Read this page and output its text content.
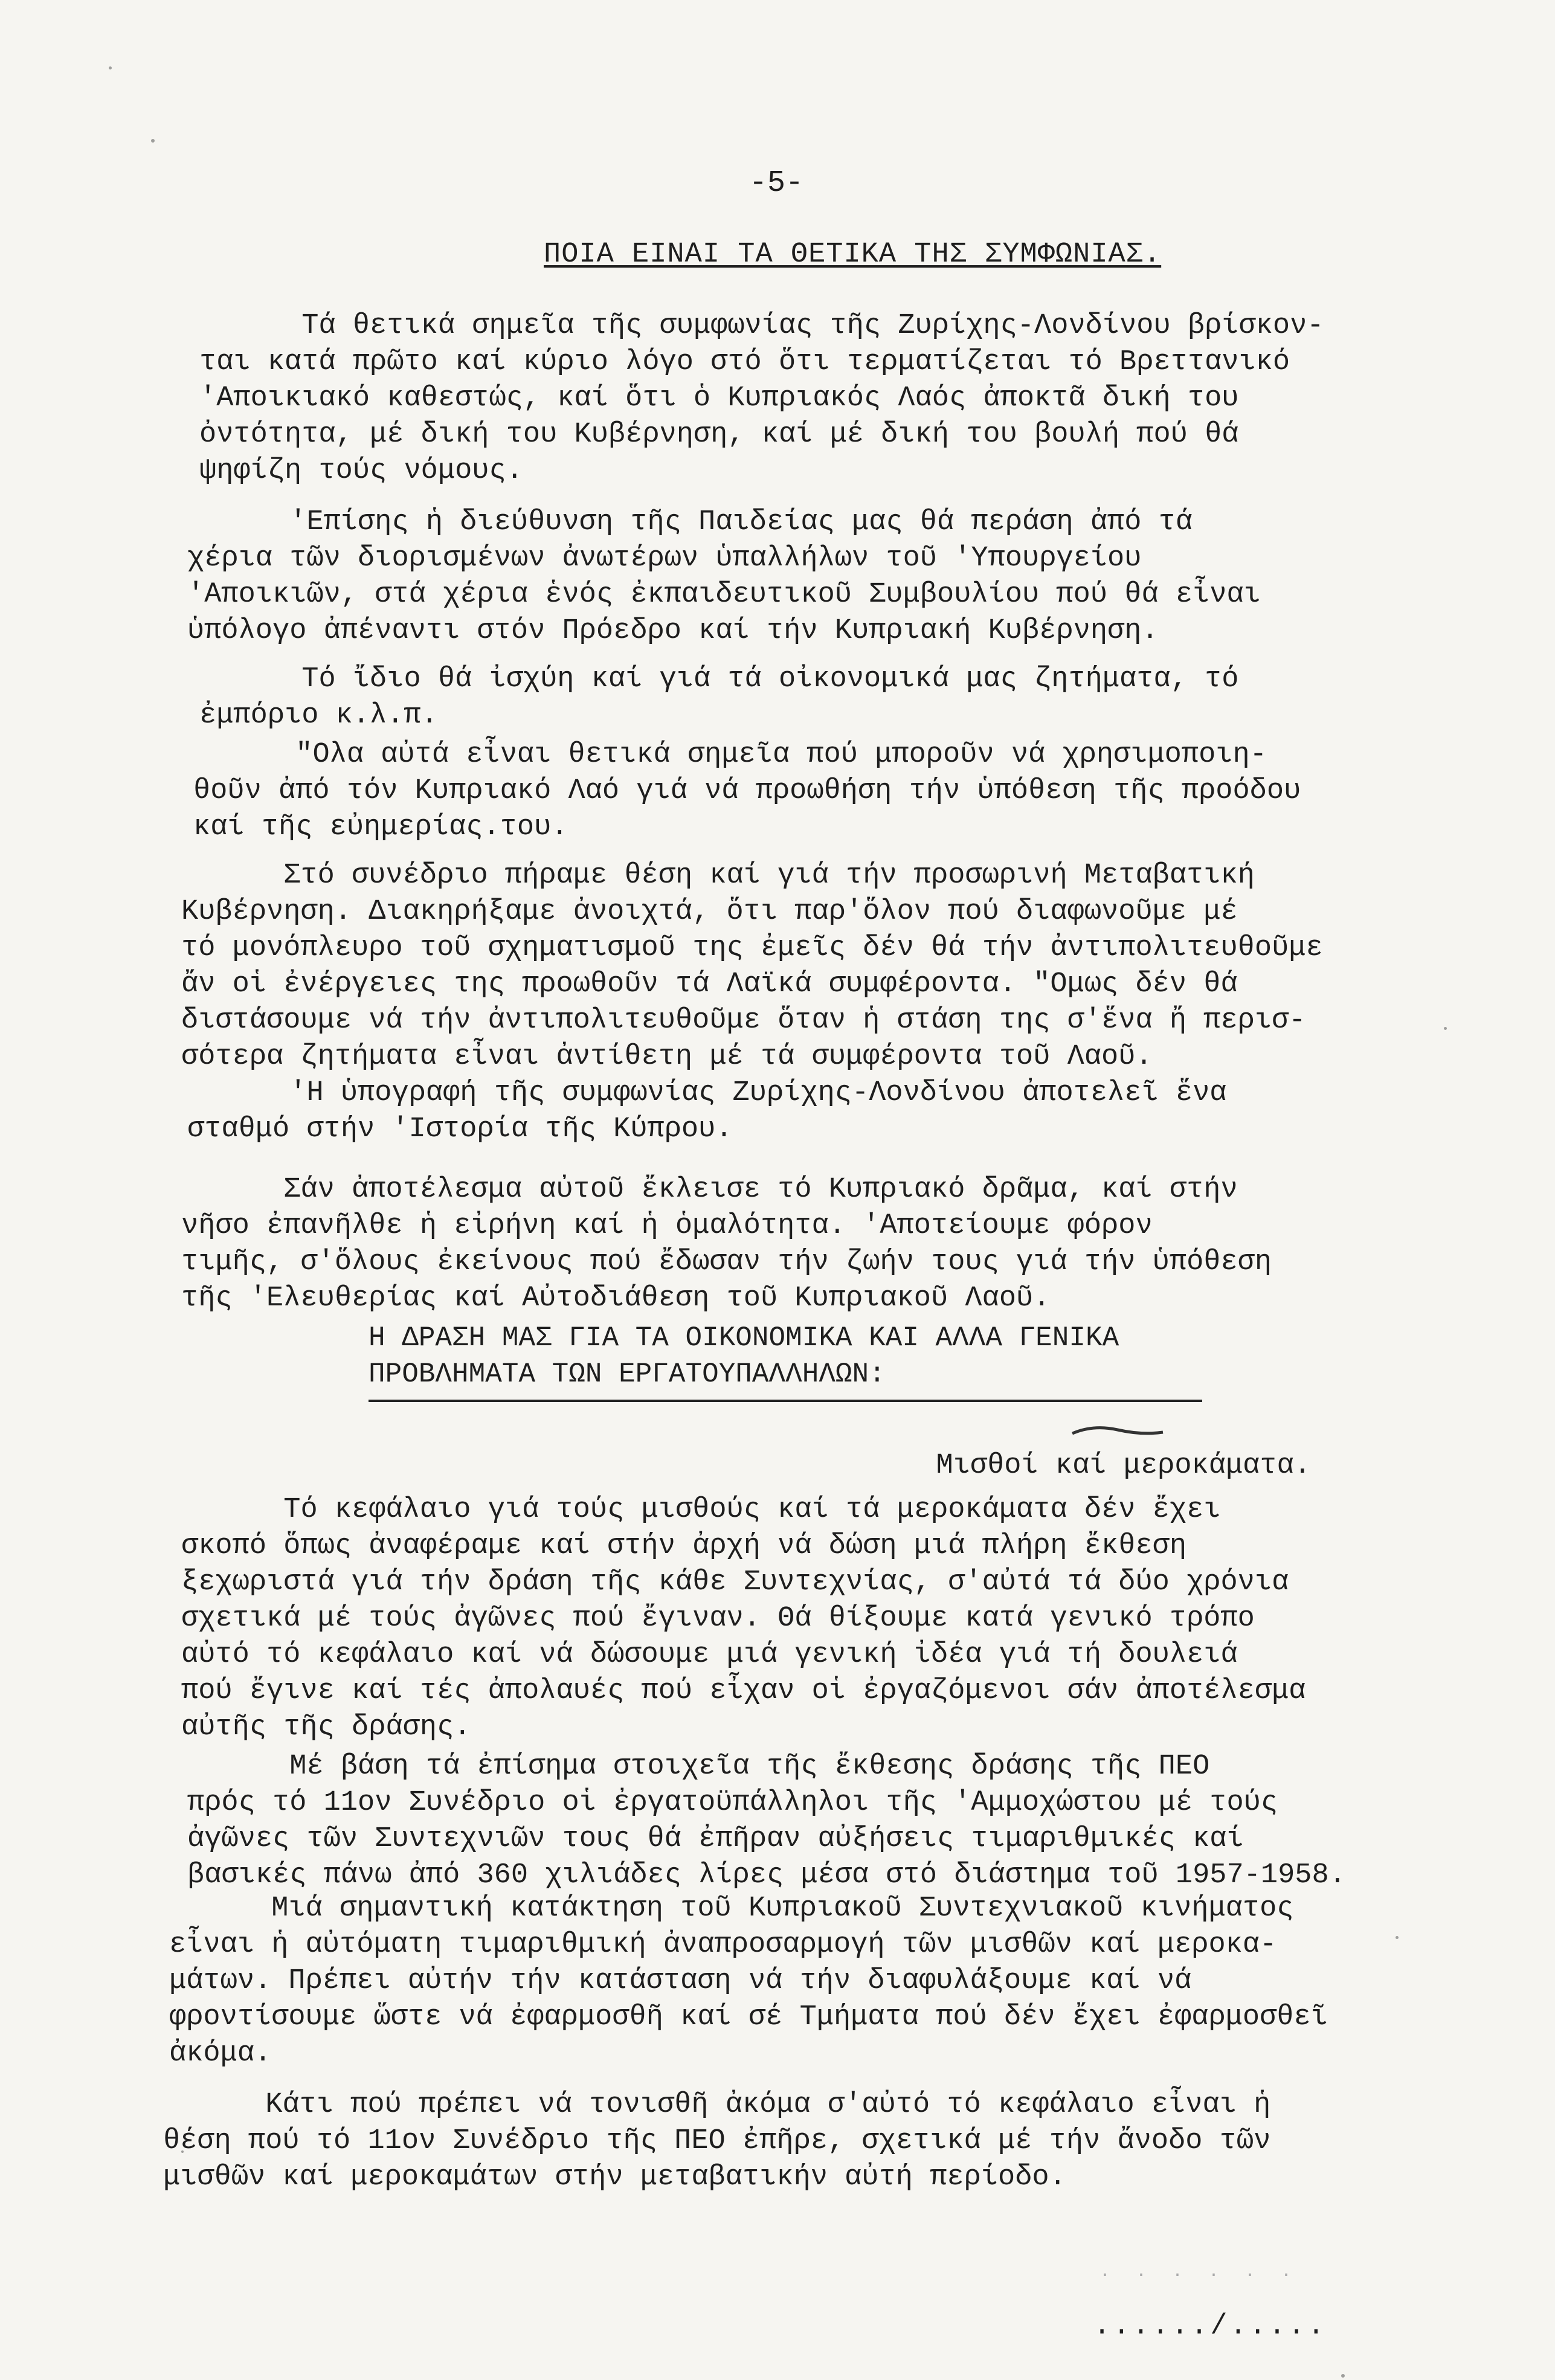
-5-
ΠΟΙΑ ΕΙΝΑΙ ΤΑ ΘΕΤΙΚΑ ΤΗΣ ΣΥΜΦΩΝΙΑΣ.

Τά θετικά σημεῖα τῆς συμφωνίας τῆς Ζυρίχης-Λονδίνου βρίσκον-
ται κατά πρῶτο καί κύριο λόγο στό ὅτι τερματίζεται τό Βρεττανικό
'Αποικιακό καθεστώς, καί ὅτι ὁ Κυπριακός Λαός ἀποκτᾶ δική του
ὀντότητα, μέ δική του Κυβέρνηση, καί μέ δική του βουλή πού θά
ψηφίζη τούς νόμους.

'Επίσης ἡ διεύθυνση τῆς Παιδείας μας θά περάση ἀπό τά
χέρια τῶν διορισμένων ἀνωτέρων ὑπαλλήλων τοῦ 'Υπουργείου
'Αποικιῶν, στά χέρια ἑνός ἐκπαιδευτικοῦ Συμβουλίου πού θά εἶναι
ὑπόλογο ἀπέναντι στόν Πρόεδρο καί τήν Κυπριακή Κυβέρνηση.

Τό ἴδιο θά ἰσχύη καί γιά τά οἰκονομικά μας ζητήματα, τό
ἐμπόριο κ.λ.π.

"Ολα αὐτά εἶναι θετικά σημεῖα πού μποροῦν νά χρησιμοποιη-
θοῦν ἀπό τόν Κυπριακό Λαό γιά νά προωθήση τήν ὑπόθεση τῆς προόδου
καί τῆς εὐημερίας.του.

Στό συνέδριο πήραμε θέση καί γιά τήν προσωρινή Μεταβατική
Κυβέρνηση. Διακηρήξαμε ἀνοιχτά, ὅτι παρ'ὅλον πού διαφωνοῦμε μέ
τό μονόπλευρο τοῦ σχηματισμοῦ της ἐμεῖς δέν θά τήν ἀντιπολιτευθοῦμε
ἄν οἱ ἐνέργειες της προωθοῦν τά Λαϊκά συμφέροντα. "Ομως δέν θά
διστάσουμε νά τήν ἀντιπολιτευθοῦμε ὅταν ἡ στάση της σ'ἕνα ἤ περισ-
σότερα ζητήματα εἶναι ἀντίθετη μέ τά συμφέροντα τοῦ Λαοῦ.

'Η ὑπογραφή τῆς συμφωνίας Ζυρίχης-Λονδίνου ἀποτελεῖ ἕνα
σταθμό στήν 'Ιστορία τῆς Κύπρου.

Σάν ἀποτέλεσμα αὐτοῦ ἔκλεισε τό Κυπριακό δρᾶμα, καί στήν
νῆσο ἐπανῆλθε ἡ εἰρήνη καί ἡ ὁμαλότητα. 'Αποτείουμε φόρον
τιμῆς, σ'ὅλους ἐκείνους πού ἔδωσαν τήν ζωήν τους γιά τήν ὑπόθεση
τῆς 'Ελευθερίας καί Αὐτοδιάθεση τοῦ Κυπριακοῦ Λαοῦ.

Η ΔΡΑΣΗ ΜΑΣ ΓΙΑ ΤΑ ΟΙΚΟΝΟΜΙΚΑ ΚΑΙ ΑΛΛΑ ΓΕΝΙΚΑ
ΠΡΟΒΛΗΜΑΤΑ ΤΩΝ ΕΡΓΑΤΟΥΠΑΛΛΗΛΩΝ:
Μισθοί καί μεροκάματα.

Τό κεφάλαιο γιά τούς μισθούς καί τά μεροκάματα δέν ἔχει
σκοπό ὅπως ἀναφέραμε καί στήν ἀρχή νά δώση μιά πλήρη ἔκθεση
ξεχωριστά γιά τήν δράση τῆς κάθε Συντεχνίας, σ'αὐτά τά δύο χρόνια
σχετικά μέ τούς ἀγῶνες πού ἔγιναν. Θά θίξουμε κατά γενικό τρόπο
αὐτό τό κεφάλαιο καί νά δώσουμε μιά γενική ἰδέα γιά τή δουλειά
πού ἔγινε καί τές ἀπολαυές πού εἶχαν οἱ ἐργαζόμενοι σάν ἀποτέλεσμα
αὐτῆς τῆς δράσης.

Μέ βάση τά ἐπίσημα στοιχεῖα τῆς ἔκθεσης δράσης τῆς ΠΕΟ
πρός τό 11ον Συνέδριο οἱ ἐργατοϋπάλληλοι τῆς 'Αμμοχώστου μέ τούς
ἀγῶνες τῶν Συντεχνιῶν τους θά ἐπῆραν αὐξήσεις τιμαριθμικές καί
βασικές πάνω ἀπό 360 χιλιάδες λίρες μέσα στό διάστημα τοῦ 1957-1958.

Μιά σημαντική κατάκτηση τοῦ Κυπριακοῦ Συντεχνιακοῦ κινήματος
εἶναι ἡ αὐτόματη τιμαριθμική ἀναπροσαρμογή τῶν μισθῶν καί μεροκα-
μάτων. Πρέπει αὐτήν τήν κατάσταση νά τήν διαφυλάξουμε καί νά
φροντίσουμε ὥστε νά ἐφαρμοσθῆ καί σέ Τμήματα πού δέν ἔχει ἐφαρμοσθεῖ
ἀκόμα.

Κάτι πού πρέπει νά τονισθῆ ἀκόμα σ'αὐτό τό κεφάλαιο εἶναι ἡ
θέση πού τό 11ον Συνέδριο τῆς ΠΕΟ ἐπῆρε, σχετικά μέ τήν ἄνοδο τῶν
μισθῶν καί μεροκαμάτων στήν μεταβατικήν αὐτή περίοδο.

· · · · · ·
....../.....
